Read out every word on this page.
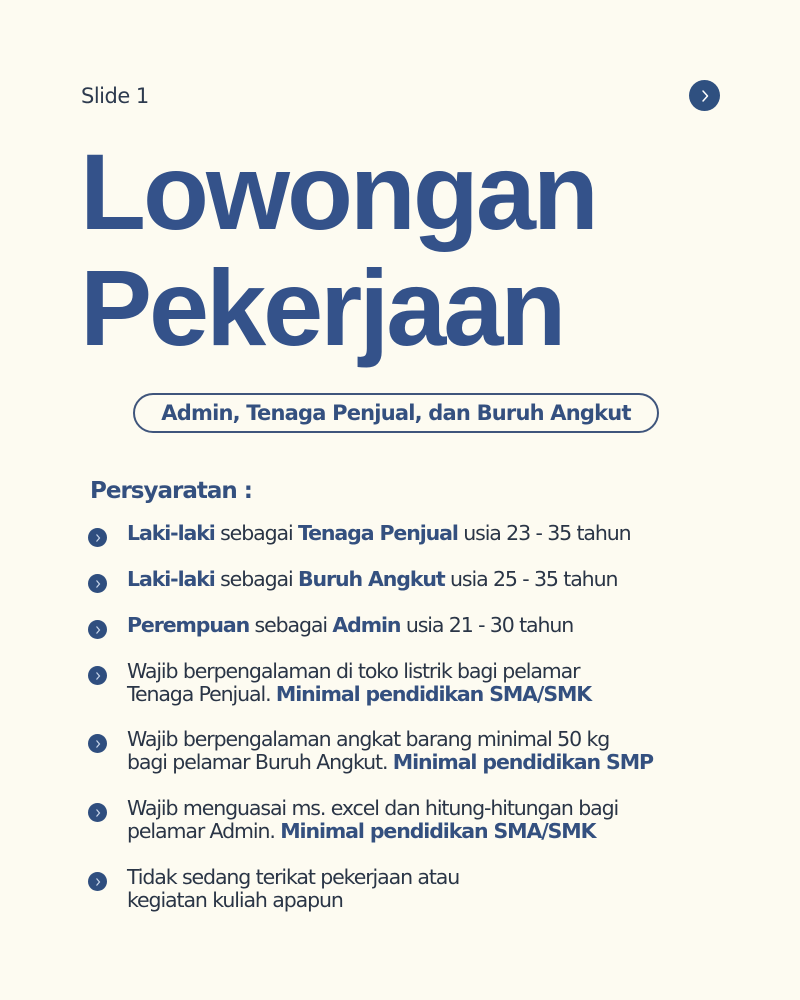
Slide 1
Lowongan
Pekerjaan
Admin, Tenaga Penjual, dan Buruh Angkut
Persyaratan :
Laki-laki sebagai Tenaga Penjual usia 23 - 35 tahun
Laki-laki sebagai Buruh Angkut usia 25 - 35 tahun
Perempuan sebagai Admin usia 21 - 30 tahun
Wajib berpengalaman di toko listrik bagi pelamar
Tenaga Penjual. Minimal pendidikan SMA/SMK
Wajib berpengalaman angkat barang minimal 50 kg
bagi pelamar Buruh Angkut. Minimal pendidikan SMP
Wajib menguasai ms. excel dan hitung-hitungan bagi
pelamar Admin. Minimal pendidikan SMA/SMK
Tidak sedang terikat pekerjaan atau
kegiatan kuliah apapun
